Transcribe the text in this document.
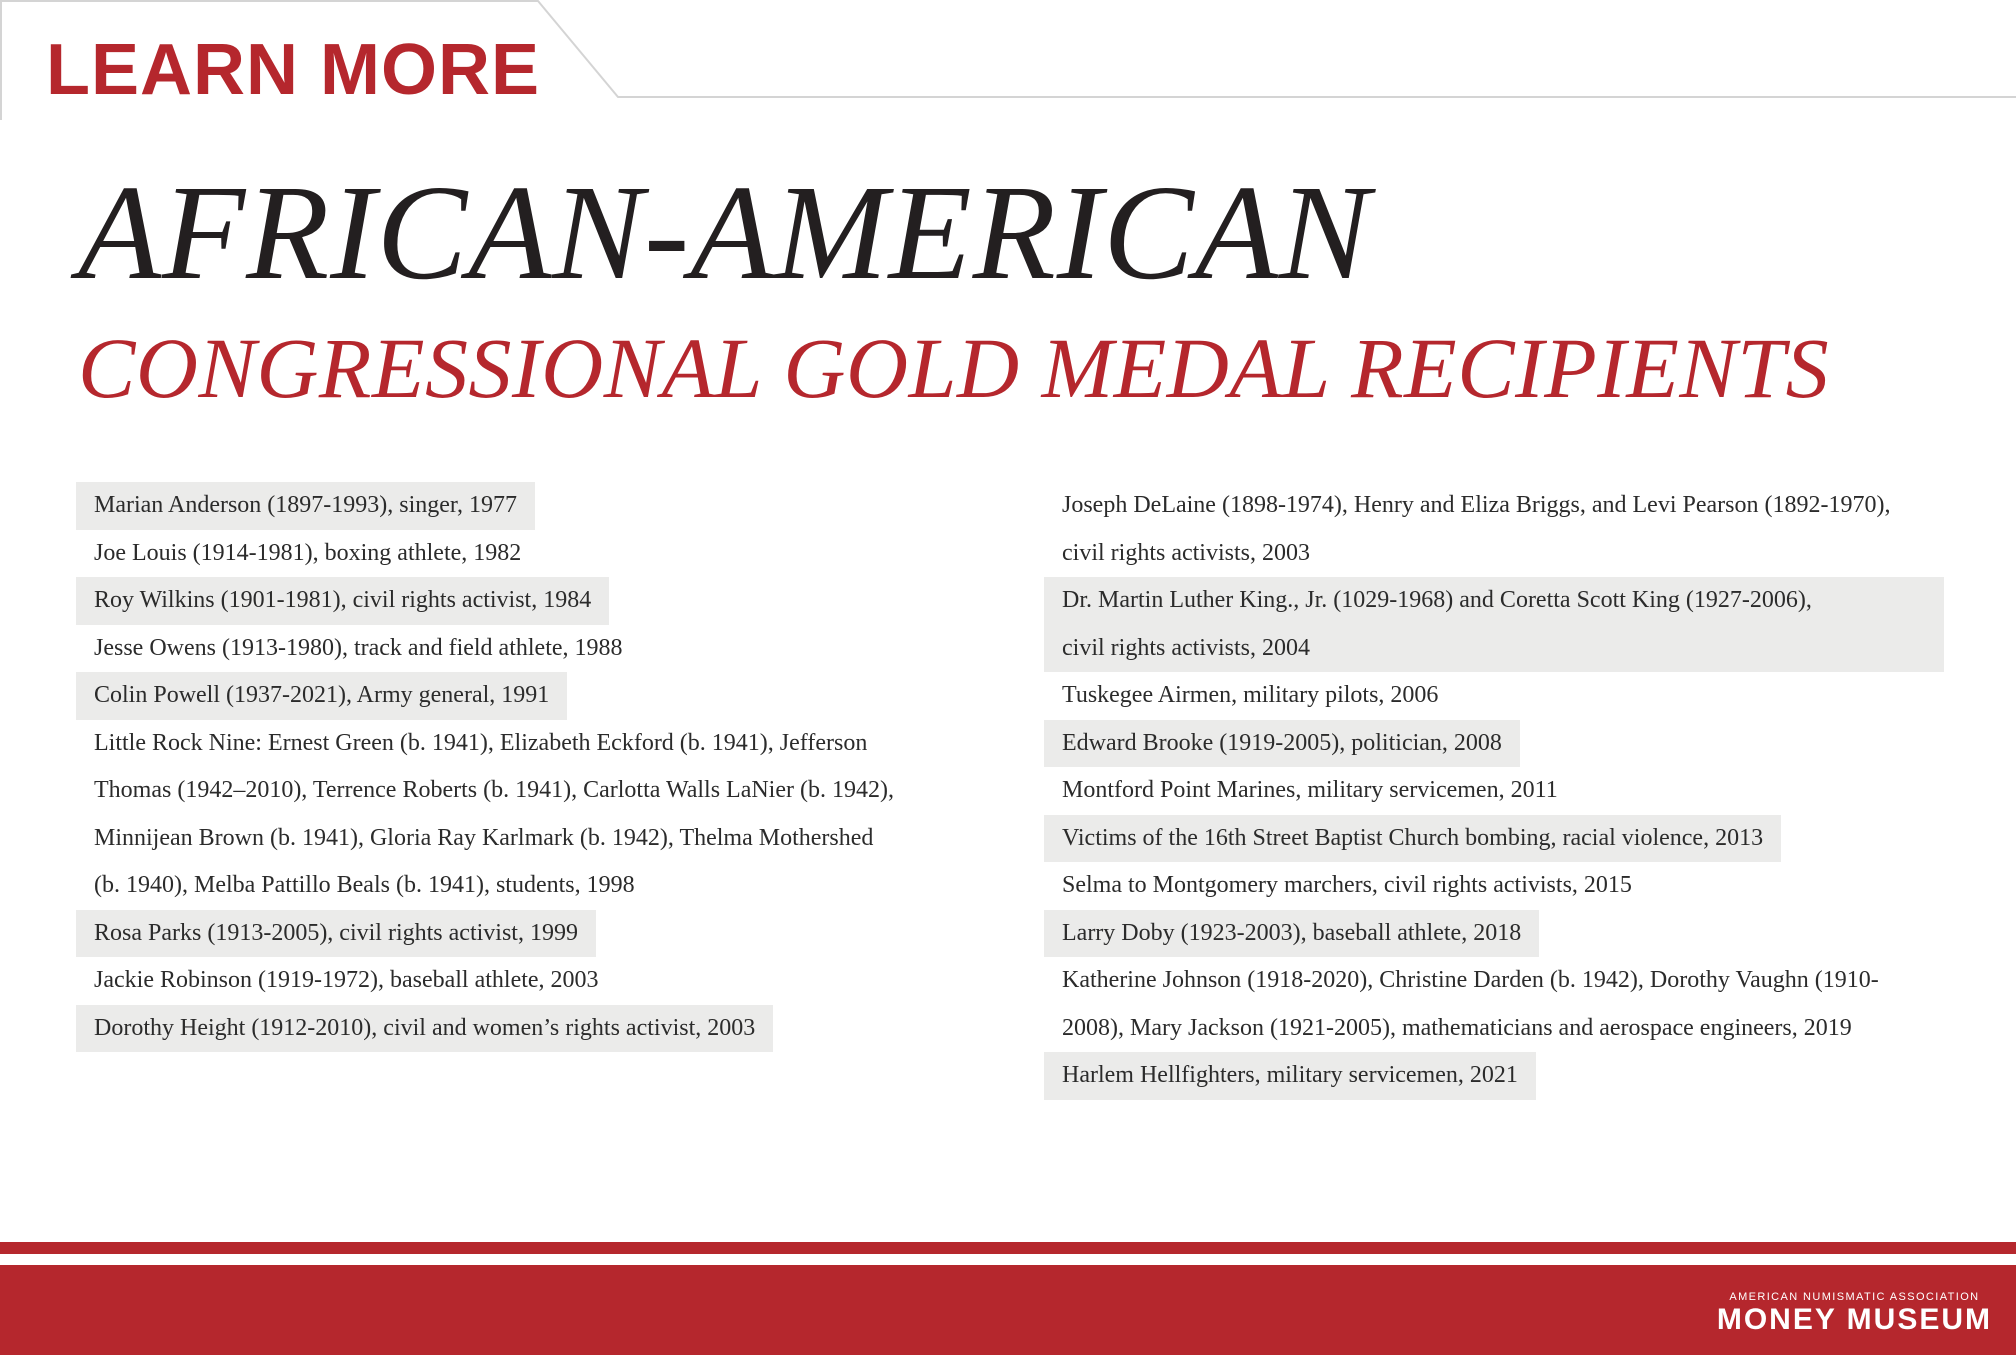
LEARN MORE
AFRICAN-AMERICAN
CONGRESSIONAL GOLD MEDAL RECIPIENTS
Marian Anderson (1897-1993), singer, 1977
Joe Louis (1914-1981), boxing athlete, 1982
Roy Wilkins (1901-1981), civil rights activist, 1984
Jesse Owens (1913-1980), track and field athlete, 1988
Colin Powell (1937-2021), Army general, 1991
Little Rock Nine: Ernest Green (b. 1941), Elizabeth Eckford (b. 1941), Jefferson
Thomas (1942–2010), Terrence Roberts (b. 1941), Carlotta Walls LaNier (b. 1942),
Minnijean Brown (b. 1941), Gloria Ray Karlmark (b. 1942), Thelma Mothershed
(b. 1940), Melba Pattillo Beals (b. 1941), students, 1998
Rosa Parks (1913-2005), civil rights activist, 1999
Jackie Robinson (1919-1972), baseball athlete, 2003
Dorothy Height (1912-2010), civil and women’s rights activist, 2003
Joseph DeLaine (1898-1974), Henry and Eliza Briggs, and Levi Pearson (1892-1970),
civil rights activists, 2003
Dr. Martin Luther King., Jr. (1029-1968) and Coretta Scott King (1927-2006),
civil rights activists, 2004
Tuskegee Airmen, military pilots, 2006
Edward Brooke (1919-2005), politician, 2008
Montford Point Marines, military servicemen, 2011
Victims of the 16th Street Baptist Church bombing, racial violence, 2013
Selma to Montgomery marchers, civil rights activists, 2015
Larry Doby (1923-2003), baseball athlete, 2018
Katherine Johnson (1918-2020), Christine Darden (b. 1942), Dorothy Vaughn (1910-
2008), Mary Jackson (1921-2005), mathematicians and aerospace engineers, 2019
Harlem Hellfighters, military servicemen, 2021
AMERICAN NUMISMATIC ASSOCIATION
MONEY MUSEUM
